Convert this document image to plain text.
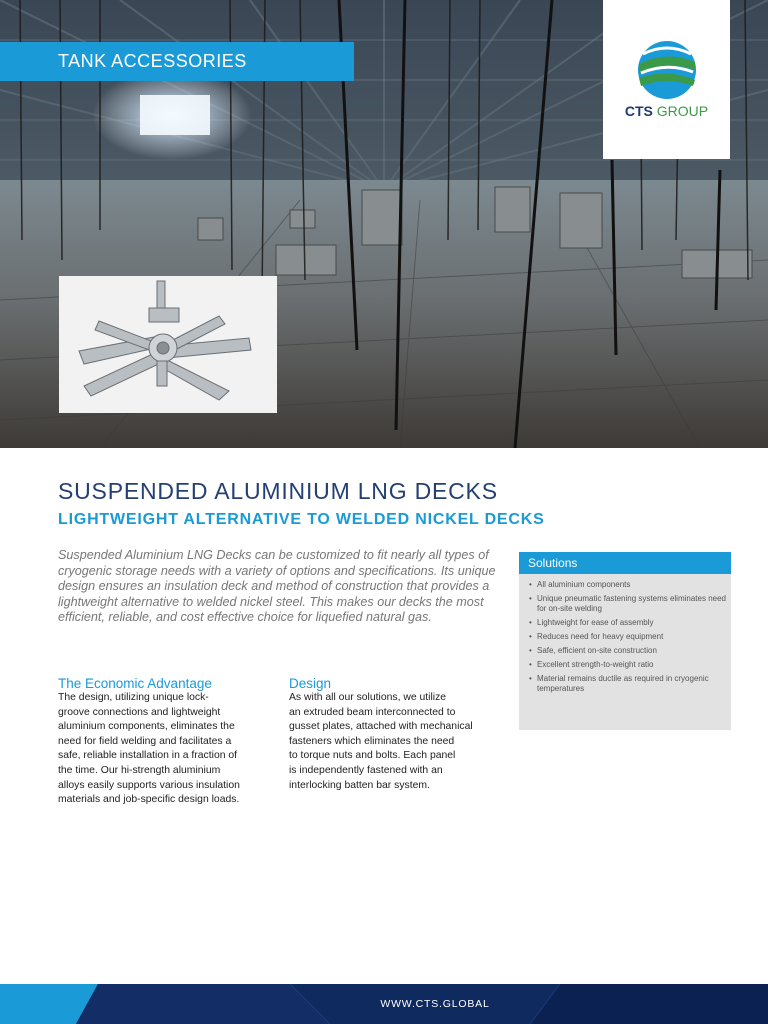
TANK ACCESSORIES
CTS GROUP
SUSPENDED ALUMINIUM LNG DECKS
LIGHTWEIGHT ALTERNATIVE TO WELDED NICKEL DECKS

Suspended Aluminium LNG Decks can be customized to fit nearly all types of cryogenic storage needs with a variety of options and specifications. Its unique design ensures an insulation deck and method of construction that provides a lightweight alternative to welded nickel steel. This makes our decks the most efficient, reliable, and cost effective choice for liquefied natural gas.

The Economic Advantage

The design, utilizing unique lock-
groove connections and lightweight
aluminium components, eliminates the
need for field welding and facilitates a
safe, reliable installation in a fraction of
the time. Our hi-strength aluminium
alloys easily supports various insulation
materials and job-specific design loads.

Design

As with all our solutions, we utilize
an extruded beam interconnected to
gusset plates, attached with mechanical
fasteners which eliminates the need
to torque nuts and bolts. Each panel
is independently fastened with an
interlocking batten bar system.

Solutions
• All aluminium components
• Unique pneumatic fastening systems eliminates need for on-site welding
• Lightweight for ease of assembly
• Reduces need for heavy equipment
• Safe, efficient on-site construction
• Excellent strength-to-weight ratio
• Material remains ductile as required in cryogenic temperatures
WWW.CTS.GLOBAL
